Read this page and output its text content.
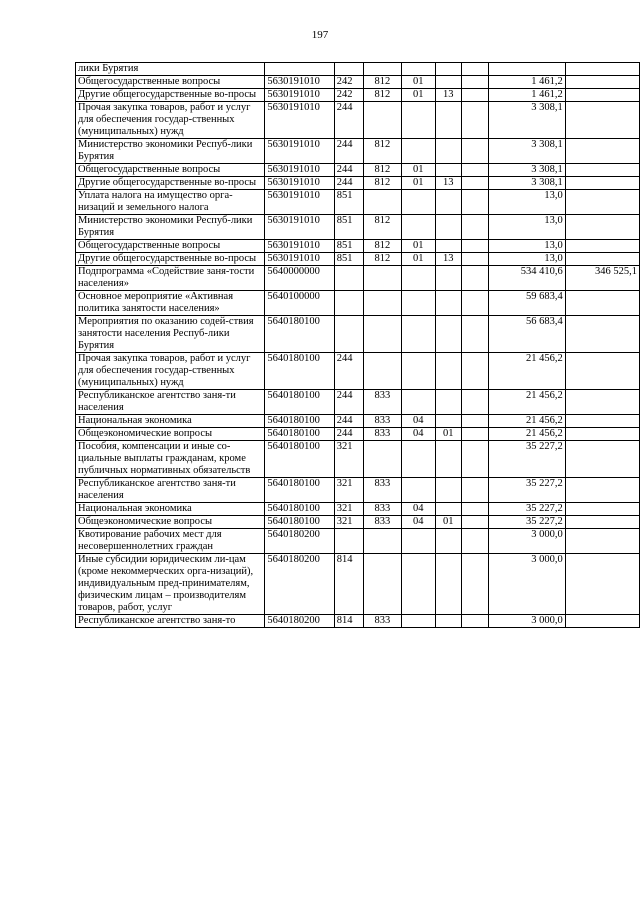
197
лики Бурятия								
Общегосударственные вопросы	5630191010	242	812	01			1 461,2	
Другие общегосударственные во-просы	5630191010	242	812	01	13		1 461,2	
Прочая закупка товаров, работ и услуг для обеспечения государ-ственных (муниципальных) нужд	5630191010	244					3 308,1	
Министерство экономики Респуб-лики Бурятия	5630191010	244	812				3 308,1	
Общегосударственные вопросы	5630191010	244	812	01			3 308,1	
Другие общегосударственные во-просы	5630191010	244	812	01	13		3 308,1	
Уплата налога на имущество орга-низаций и земельного налога	5630191010	851					13,0	
Министерство экономики Респуб-лики Бурятия	5630191010	851	812				13,0	
Общегосударственные вопросы	5630191010	851	812	01			13,0	
Другие общегосударственные во-просы	5630191010	851	812	01	13		13,0	
Подпрограмма «Содействие заня-тости населения»	5640000000						534 410,6	346 525,1
Основное мероприятие «Активная политика занятости населения»	5640100000						59 683,4	
Мероприятия по оказанию содей-ствия занятости населения Респуб-лики Бурятия	5640180100						56 683,4	
Прочая закупка товаров, работ и услуг для обеспечения государ-ственных (муниципальных) нужд	5640180100	244					21 456,2	
Республиканское агентство заня-ти населения	5640180100	244	833				21 456,2	
Национальная экономика	5640180100	244	833	04			21 456,2	
Общеэкономические вопросы	5640180100	244	833	04	01		21 456,2	
Пособия, компенсации и иные со-циальные выплаты гражданам, кроме публичных нормативных обязательств	5640180100	321					35 227,2	
Республиканское агентство заня-ти населения	5640180100	321	833				35 227,2	
Национальная экономика	5640180100	321	833	04			35 227,2	
Общеэкономические вопросы	5640180100	321	833	04	01		35 227,2	
Квотирование рабочих мест для несовершеннолетних граждан	5640180200						3 000,0	
Иные субсидии юридическим ли-цам (кроме некоммерческих орга-низаций), индивидуальным пред-принимателям, физическим лицам – производителям товаров, работ, услуг	5640180200	814					3 000,0	
Республиканское агентство заня-то	5640180200	814	833				3 000,0	
